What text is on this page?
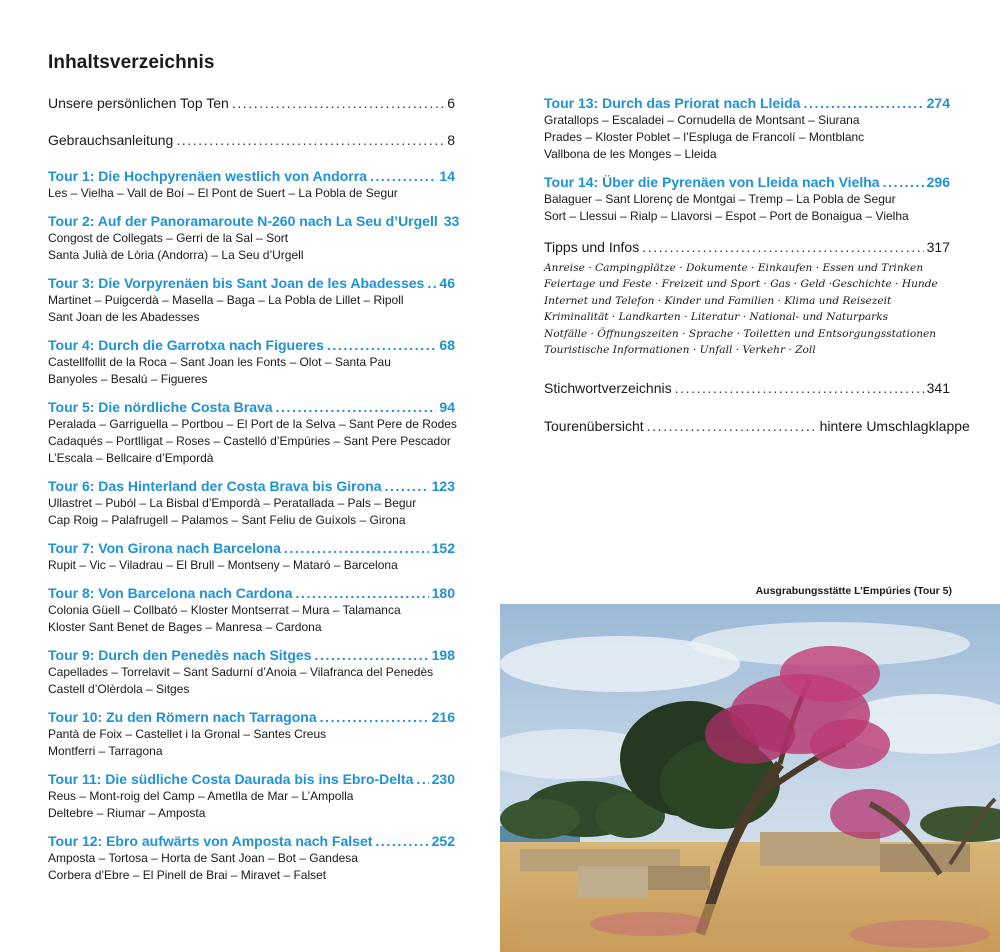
Inhaltsverzeichnis
Unsere persönlichen Top Ten .....	6
Gebrauchsanleitung .....	8
Tour 1: Die Hochpyrenäen westlich von Andorra .....	14
Les – Vielha – Vall de Boí – El Pont de Suert – La Pobla de Segur
Tour 2: Auf der Panoramaroute N-260 nach La Seu d’Urgell 33
Congost de Collegats – Gerri de la Sal – Sort
Santa Julià de Lòria (Andorra) – La Seu d’Urgell
Tour 3: Die Vorpyrenäen bis Sant Joan de les Abadesses ..... 46
Martinet – Puigcerdà – Masella – Baga – La Pobla de Lillet – Ripoll
Sant Joan de les Abadesses
Tour 4: Durch die Garrotxa nach Figueres .....	68
Castellfollit de la Roca – Sant Joan les Fonts – Olot – Santa Pau
Banyoles – Besalú – Figueres
Tour 5: Die nördliche Costa Brava .....	94
Peralada – Garriguella – Portbou – El Port de la Selva – Sant Pere de Rodes
Cadaqués – Portlligat – Roses – Castelló d’Empúries – Sant Pere Pescador
L’Escala – Bellcaire d’Empordà
Tour 6: Das Hinterland der Costa Brava bis Girona .....	123
Ullastret – Puból – La Bisbal d’Empordà – Peratallada – Pals – Begur
Cap Roig – Palafrugell – Palamos – Sant Feliu de Guíxols – Girona
Tour 7: Von Girona nach Barcelona .....	152
Rupit – Vic – Viladrau – El Brull – Montseny – Mataró – Barcelona
Tour 8: Von Barcelona nach Cardona .....	180
Colonia Güell – Collbató – Kloster Montserrat – Mura – Talamanca
Kloster Sant Benet de Bages – Manresa – Cardona
Tour 9: Durch den Penedès nach Sitges .....	198
Capellades – Torrelavit – Sant Sadurní d’Anoia – Vilafranca del Penedès
Castell d’Olèrdola – Sitges
Tour 10: Zu den Römern nach Tarragona .....	216
Pantà de Foix – Castellet i la Gronal – Santes Creus
Montferri – Tarragona
Tour 11: Die südliche Costa Daurada bis ins Ebro-Delta ..... 230
Reus – Mont-roig del Camp – Ametlla de Mar – L’Ampolla
Deltebre – Riumar – Amposta
Tour 12: Ebro aufwärts von Amposta nach Falset .....	252
Amposta – Tortosa – Horta de Sant Joan – Bot – Gandesa
Corbera d’Ebre – El Pinell de Brai – Miravet – Falset
Tour 13: Durch das Priorat nach Lleida .....	274
Gratallops – Escaladei – Cornudella de Montsant – Siurana
Prades – Kloster Poblet – l’Espluga de Francolí – Montblanc
Vallbona de les Monges – Lleida
Tour 14: Über die Pyrenäen von Lleida nach Vielha .....	296
Balaguer – Sant Llorenç de Montgai – Tremp – La Pobla de Segur
Sort – Llessui – Rialp – Llavorsi – Espot – Port de Bonaigua – Vielha
Tipps und Infos .....	317
Anreise · Campingplätze · Dokumente · Einkaufen · Essen und Trinken
Feiertage und Feste · Freizeit und Sport · Gas · Geld ·Geschichte · Hunde
Internet und Telefon · Kinder und Familien · Klima und Reisezeit
Kriminalität · Landkarten · Literatur · National- und Naturparks
Notfälle · Öffnungszeiten · Sprache · Toiletten und Entsorgungsstationen
Touristische Informationen · Unfall · Verkehr · Zoll
Stichwortverzeichnis .....	341
Tourenübersicht .....	hintere Umschlagklappe
Ausgrabungsstätte L’Empúries (Tour 5)
